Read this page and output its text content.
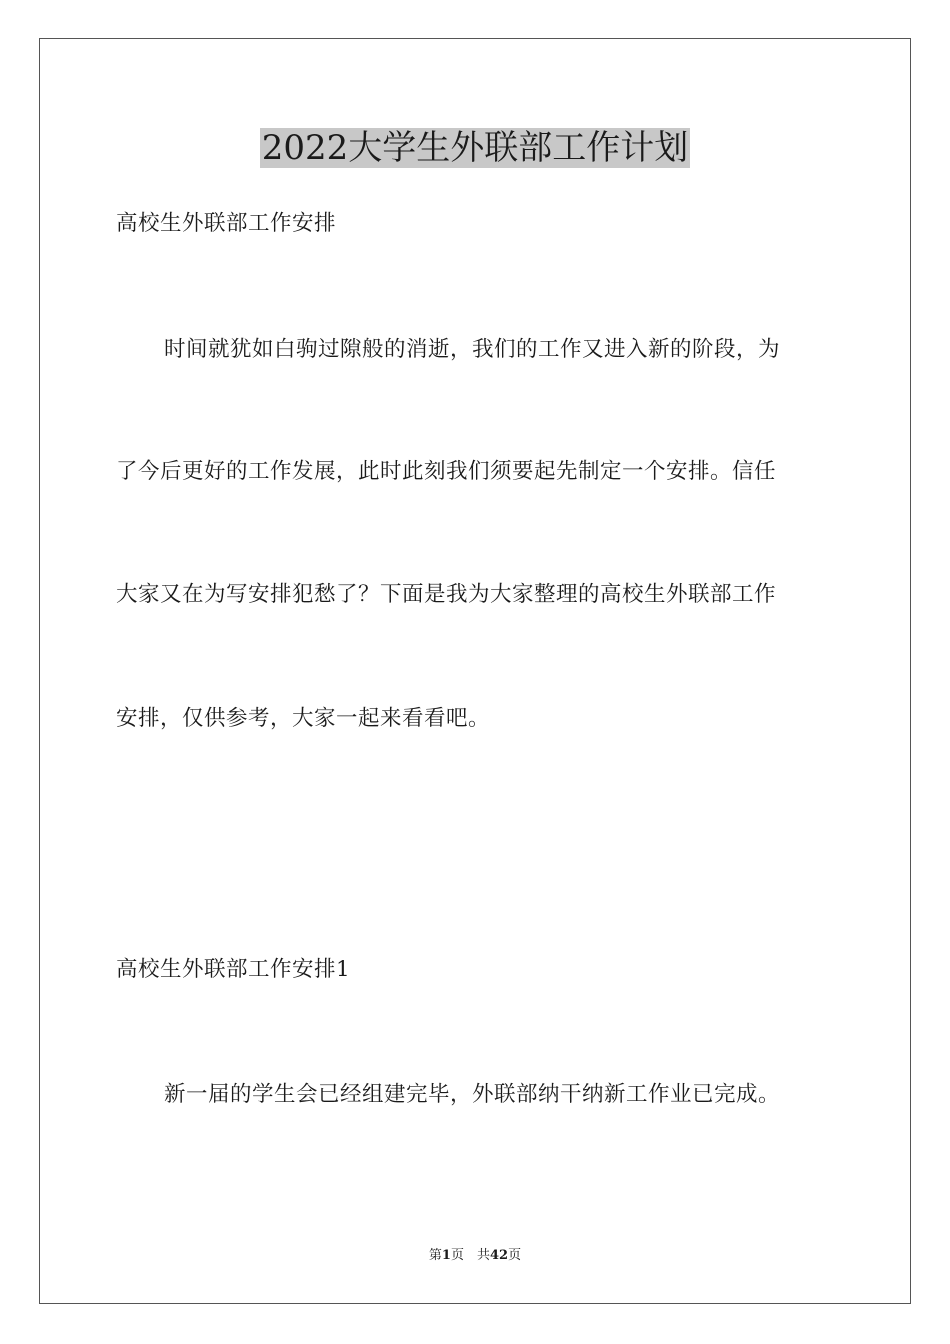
2022大学生外联部工作计划

高校生外联部工作安排

时间就犹如白驹过隙般的消逝，我们的工作又进入新的阶段，为

了今后更好的工作发展，此时此刻我们须要起先制定一个安排。信任

大家又在为写安排犯愁了？下面是我为大家整理的高校生外联部工作

安排，仅供参考，大家一起来看看吧。

高校生外联部工作安排1

新一届的学生会已经组建完毕，外联部纳干纳新工作业已完成。

第1页　共42页
